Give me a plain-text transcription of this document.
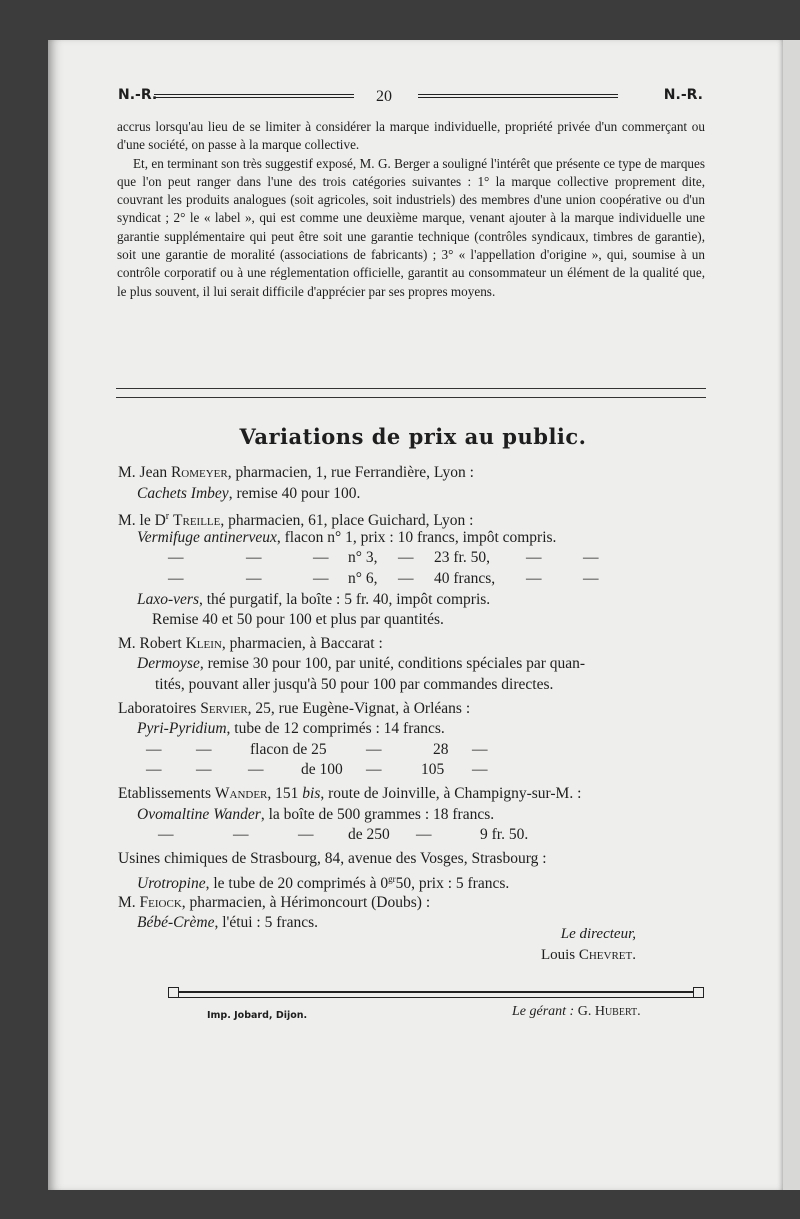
N.-R.	20	N.-R.

accrus lorsqu'au lieu de se limiter à considérer la marque individuelle, propriété privée d'un commerçant ou d'une société, on passe à la marque collective.

Et, en terminant son très suggestif exposé, M. G. Berger a souligné l'intérêt que présente ce type de marques que l'on peut ranger dans l'une des trois catégories suivantes : 1° la marque collective proprement dite, couvrant les produits analogues (soit agricoles, soit industriels) des membres d'une union coopérative ou d'un syndicat ; 2° le « label », qui est comme une deuxième marque, venant ajouter à la marque individuelle une garantie supplémentaire qui peut être soit une garantie technique (contrôles syndicaux, timbres de garantie), soit une garantie de moralité (associations de fabricants) ; 3° « l'appellation d'origine », qui, soumise à un contrôle corporatif ou à une réglementation officielle, garantit au consommateur un élément de la qualité que, le plus souvent, il lui serait difficile d'apprécier par ses propres moyens.

Variations de prix au public.
M. Jean Romeyer, pharmacien, 1, rue Ferrandière, Lyon :
Cachets Imbey, remise 40 pour 100.
M. le $D^r$ Treille, pharmacien, 61, place Guichard, Lyon :
Vermifuge antinerveux, flacon n° 1, prix : 10 francs, impôt compris.
—	—	— n° 3, — 23 fr. 50, —	—
—	—	— n° 6, — 40 francs, —	—
Laxo-vers, thé purgatif, la boîte : 5 fr. 40, impôt compris.
Remise 40 et 50 pour 100 et plus par quantités.
M. Robert Klein, pharmacien, à Baccarat :
Dermoyse, remise 30 pour 100, par unité, conditions spéciales par quan-
tités, pouvant aller jusqu'à 50 pour 100 par commandes directes.
Laboratoires Servier, 25, rue Eugène-Vignat, à Orléans :
Pyri-Pyridium, tube de 12 comprimés : 14 francs.
— — flacon de 25	—	28 —
— — — de 100 —	105 —
Etablissements Wander, 151 bis, route de Joinville, à Champigny-sur-M. :
Ovomaltine Wander, la boîte de 500 grammes : 18 francs.
—	—	— de 250 —	9 fr. 50.
Usines chimiques de Strasbourg, 84, avenue des Vosges, Strasbourg :
Urotropine, le tube de 20 comprimés à $0^{gr}50$, prix : 5 francs.
M. Feiock, pharmacien, à Hérimoncourt (Doubs) :
Bébé-Crème, l'étui : 5 francs.
Le directeur,
Louis Chevret.
Imp. Jobard, Dijon.	Le gérant : G. Hubert.
